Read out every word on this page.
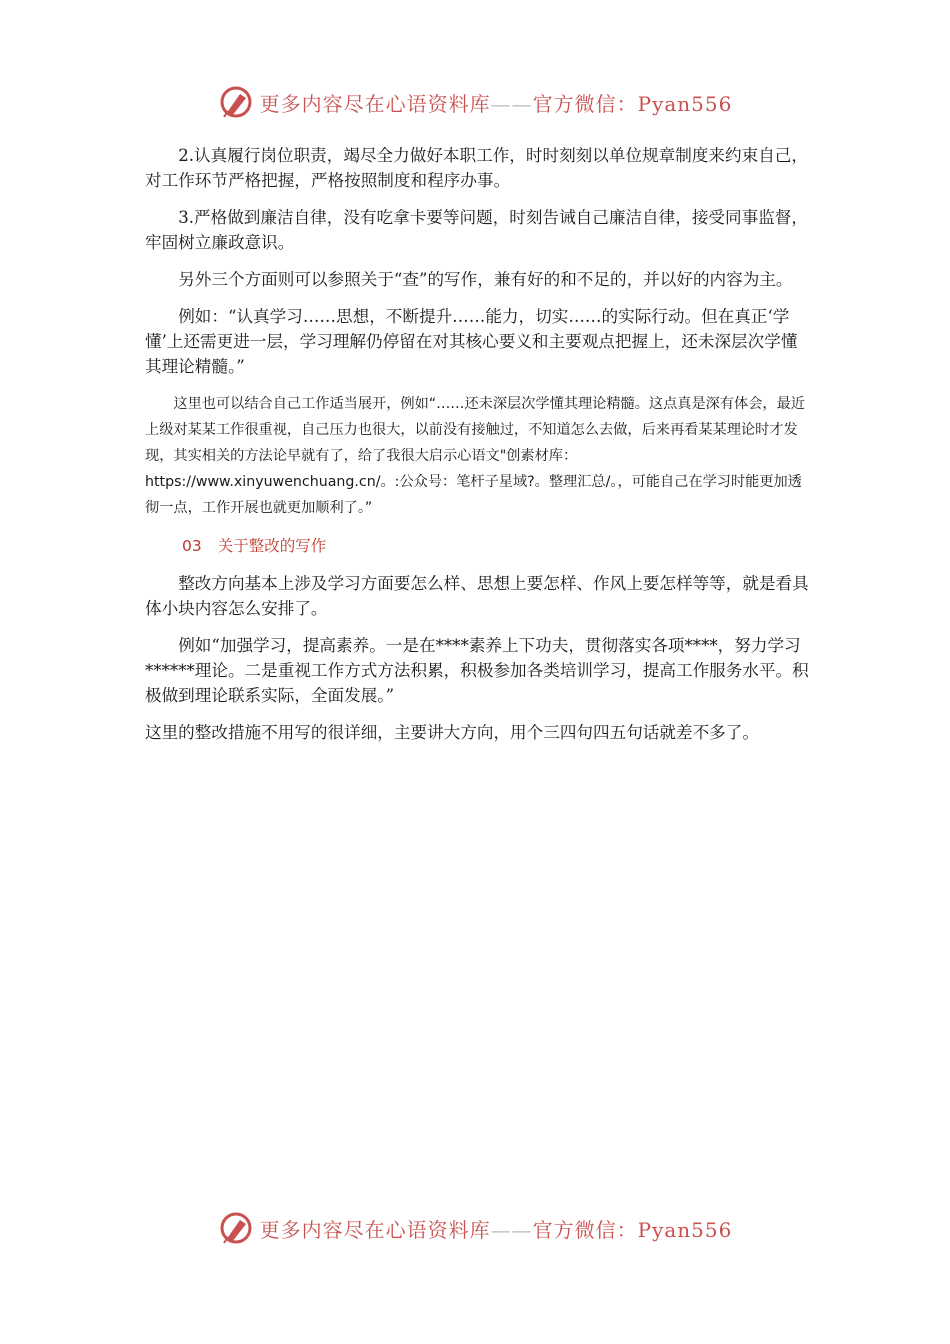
更多内容尽在心语资料库——官方微信：Pyan556

2.认真履行岗位职责，竭尽全力做好本职工作，时时刻刻以单位规章制度来约束自己，对工作环节严格把握，严格按照制度和程序办事。

3.严格做到廉洁自律，没有吃拿卡要等问题，时刻告诫自己廉洁自律，接受同事监督，牢固树立廉政意识。

另外三个方面则可以参照关于“查”的写作，兼有好的和不足的，并以好的内容为主。

例如：“认真学习……思想，不断提升……能力，切实……的实际行动。但在真正‘学懂’上还需更进一层，学习理解仍停留在对其核心要义和主要观点把握上，还未深层次学懂其理论精髓。”

这里也可以结合自己工作适当展开，例如“……还未深层次学懂其理论精髓。这点真是深有体会，最近上级对某某工作很重视，自己压力也很大，以前没有接触过，不知道怎么去做，后来再看某某理论时才发现，其实相关的方法论早就有了，给了我很大启示心语文"创素材库：https://www.xinyuwenchuang.cn/。:公众号：笔杆子星域?。整理汇总/。，可能自己在学习时能更加透彻一点，工作开展也就更加顺利了。”

03 关于整改的写作

整改方向基本上涉及学习方面要怎么样、思想上要怎样、作风上要怎样等等，就是看具体小块内容怎么安排了。

例如“加强学习，提高素养。一是在****素养上下功夫，贯彻落实各项****，努力学习******理论。二是重视工作方式方法积累，积极参加各类培训学习，提高工作服务水平。积极做到理论联系实际，全面发展。”

这里的整改措施不用写的很详细，主要讲大方向，用个三四句四五句话就差不多了。

更多内容尽在心语资料库——官方微信：Pyan556
